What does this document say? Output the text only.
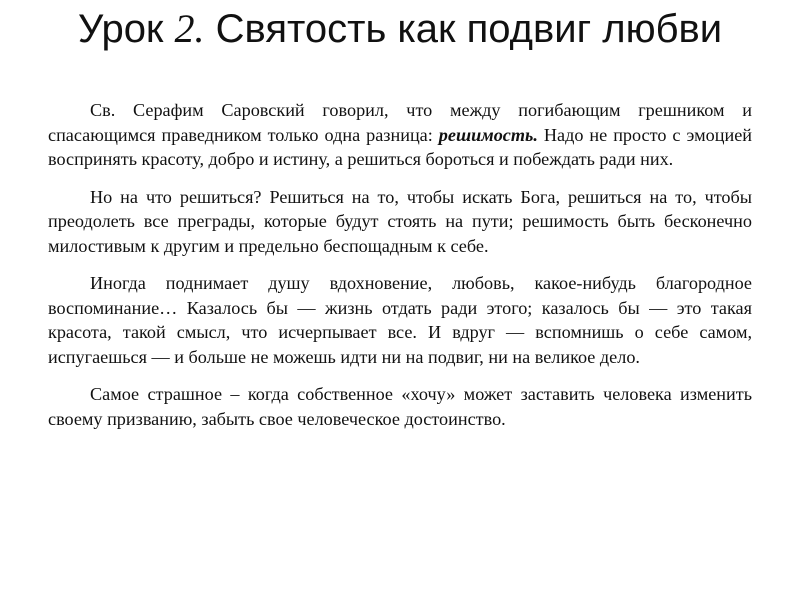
Урок 2. Святость как подвиг любви

Св. Серафим Саровский говорил, что между погибающим грешником и спасающимся праведником только одна разница: решимость. Надо не просто с эмоцией воспринять красоту, добро и истину, а решиться бороться и побеждать ради них.

Но на что решиться? Решиться на то, чтобы искать Бога, решиться на то, чтобы преодолеть все преграды, которые будут стоять на пути; решимость быть бесконечно милостивым к другим и предельно беспощадным к себе.

Иногда поднимает душу вдохновение, любовь, какое-нибудь благородное воспоминание… Казалось бы — жизнь отдать ради этого; казалось бы — это такая красота, такой смысл, что исчерпывает все. И вдруг — вспомнишь о себе самом, испугаешься — и больше не можешь идти ни на подвиг, ни на великое дело.

Самое страшное – когда собственное «хочу» может заставить человека изменить своему призванию, забыть свое человеческое достоинство.
